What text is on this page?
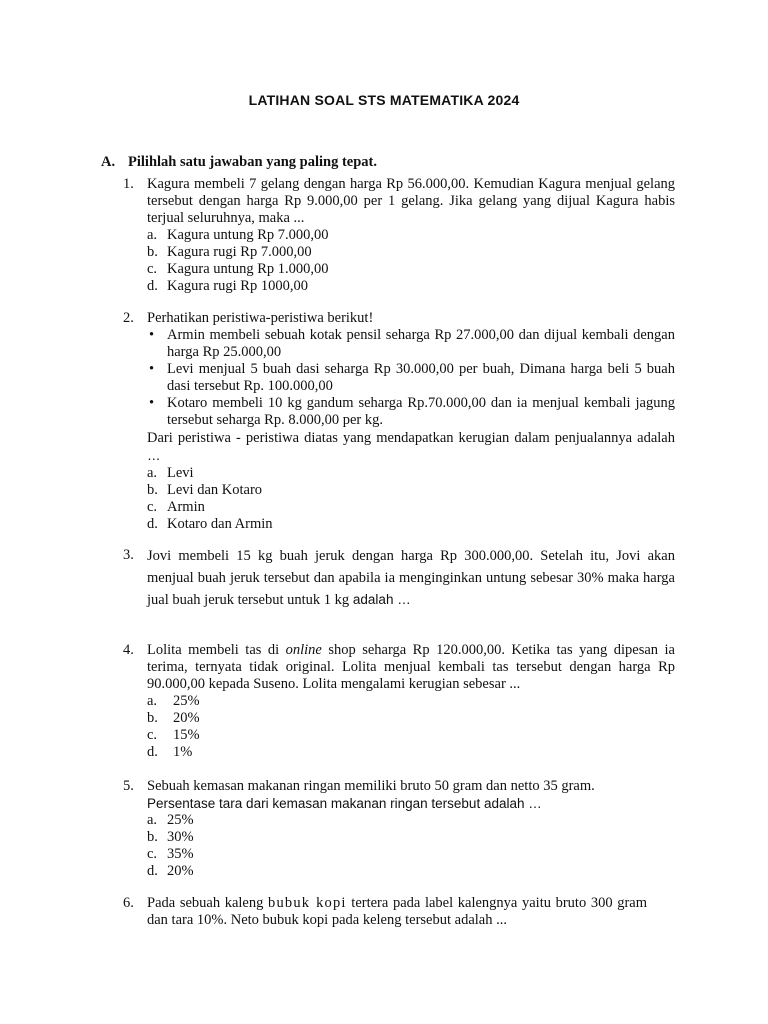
LATIHAN SOAL STS MATEMATIKA 2024
A. Pilihlah satu jawaban yang paling tepat.
1. Kagura membeli 7 gelang dengan harga Rp 56.000,00. Kemudian Kagura menjual gelang tersebut dengan harga Rp 9.000,00 per 1 gelang. Jika gelang yang dijual Kagura habis terjual seluruhnya, maka ...
a. Kagura untung Rp 7.000,00
b. Kagura rugi Rp 7.000,00
c. Kagura untung Rp 1.000,00
d. Kagura rugi Rp 1000,00
2. Perhatikan peristiwa-peristiwa berikut!
• Armin membeli sebuah kotak pensil seharga Rp 27.000,00 dan dijual kembali dengan harga Rp 25.000,00
• Levi menjual 5 buah dasi seharga Rp 30.000,00 per buah, Dimana harga beli 5 buah dasi tersebut Rp. 100.000,00
• Kotaro membeli 10 kg gandum seharga Rp.70.000,00 dan ia menjual kembali jagung tersebut seharga Rp. 8.000,00 per kg.
Dari peristiwa - peristiwa diatas yang mendapatkan kerugian dalam penjualannya adalah …
a. Levi
b. Levi dan Kotaro
c. Armin
d. Kotaro dan Armin
3. Jovi membeli 15 kg buah jeruk dengan harga Rp 300.000,00. Setelah itu, Jovi akan menjual buah jeruk tersebut dan apabila ia menginginkan untung sebesar 30% maka harga jual buah jeruk tersebut untuk 1 kg adalah …
4. Lolita membeli tas di online shop seharga Rp 120.000,00. Ketika tas yang dipesan ia terima, ternyata tidak original. Lolita menjual kembali tas tersebut dengan harga Rp 90.000,00 kepada Suseno. Lolita mengalami kerugian sebesar ...
a. 25%
b. 20%
c. 15%
d. 1%
5. Sebuah kemasan makanan ringan memiliki bruto 50 gram dan netto 35 gram.
Persentase tara dari kemasan makanan ringan tersebut adalah …
a. 25%
b. 30%
c. 35%
d. 20%
6. Pada sebuah kaleng bubuk kopi tertera pada label kalengnya yaitu bruto 300 gram dan tara 10%. Neto bubuk kopi pada keleng tersebut adalah ...
